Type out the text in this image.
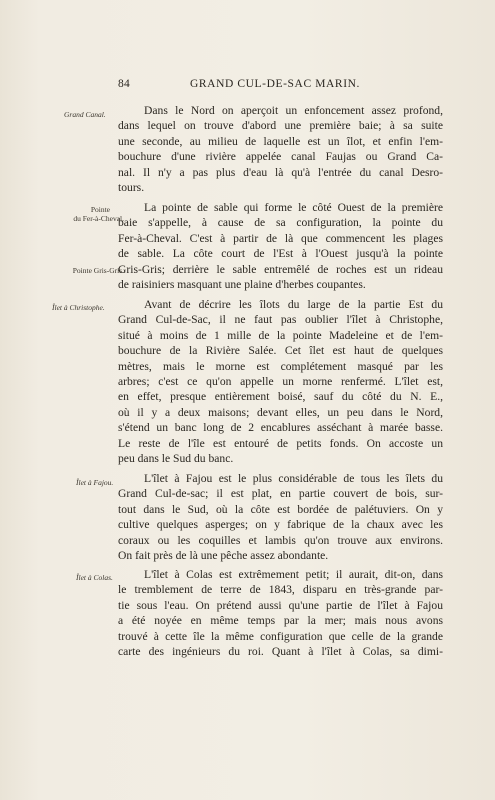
84	GRAND CUL-DE-SAC MARIN.
Grand Canal.	Dans le Nord on aperçoit un enfoncement assez profond,
dans lequel on trouve d'abord une première baie; à sa suite
une seconde, au milieu de laquelle est un îlot, et enfin l'em-
bouchure d'une rivière appelée canal Faujas ou Grand Ca-
nal. Il n'y a pas plus d'eau là qu'à l'entrée du canal Desro-
tours.
Pointe
du Fer-à-Cheval.
Pointe Gris-Gris.
La pointe de sable qui forme le côté Ouest de la première
baie s'appelle, à cause de sa configuration, la pointe du
Fer-à-Cheval. C'est à partir de là que commencent les plages
de sable. La côte court de l'Est à l'Ouest jusqu'à la pointe
Gris-Gris; derrière le sable entremêlé de roches est un rideau
de raisiniers masquant une plaine d'herbes coupantes.
Îlet à Christophe.	Avant de décrire les îlots du large de la partie Est du
Grand Cul-de-Sac, il ne faut pas oublier l'îlet à Christophe,
situé à moins de 1 mille de la pointe Madeleine et de l'em-
bouchure de la Rivière Salée. Cet îlet est haut de quelques
mètres, mais le morne est complétement masqué par les
arbres; c'est ce qu'on appelle un morne renfermé. L'îlet est,
en effet, presque entièrement boisé, sauf du côté du N. E.,
où il y a deux maisons; devant elles, un peu dans le Nord,
s'étend un banc long de 2 encablures asséchant à marée basse.
Le reste de l'île est entouré de petits fonds. On accoste un
peu dans le Sud du banc.
Îlet à Fajou.	L'îlet à Fajou est le plus considérable de tous les îlets du
Grand Cul-de-sac; il est plat, en partie couvert de bois, sur-
tout dans le Sud, où la côte est bordée de palétuviers. On y
cultive quelques asperges; on y fabrique de la chaux avec les
coraux ou les coquilles et lambis qu'on trouve aux environs.
On fait près de là une pêche assez abondante.
Îlet à Colas.	L'îlet à Colas est extrêmement petit; il aurait, dit-on, dans
le tremblement de terre de 1843, disparu en très-grande par-
tie sous l'eau. On prétend aussi qu'une partie de l'îlet à Fajou
a été noyée en même temps par la mer; mais nous avons
trouvé à cette île la même configuration que celle de la grande
carte des ingénieurs du roi. Quant à l'îlet à Colas, sa dimi-
